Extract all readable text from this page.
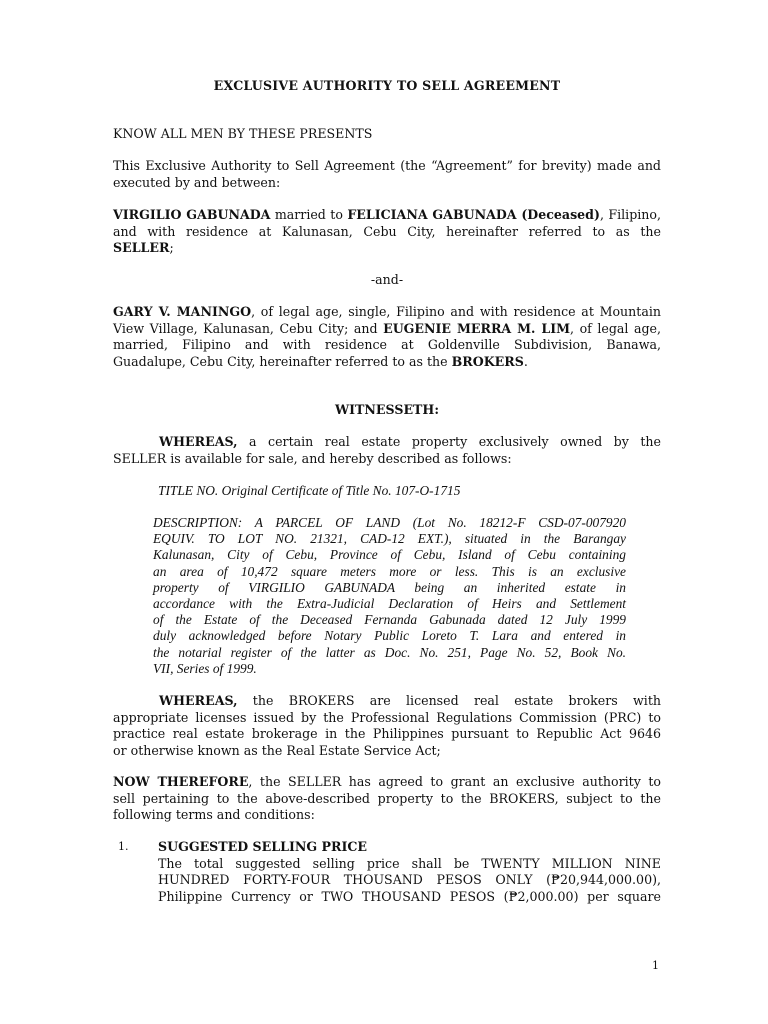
EXCLUSIVE AUTHORITY TO SELL AGREEMENT

KNOW ALL MEN BY THESE PRESENTS

This Exclusive Authority to Sell Agreement (the “Agreement” for brevity) made and executed by and between:

VIRGILIO GABUNADA married to FELICIANA GABUNADA (Deceased), Filipino,
and with residence at Kalunasan, Cebu City, hereinafter referred to as the
SELLER;

-and-

GARY V. MANINGO, of legal age, single, Filipino and with residence at Mountain
View Village, Kalunasan, Cebu City; and EUGENIE MERRA M. LIM, of legal age,
married, Filipino and with residence at Goldenville Subdivision, Banawa,
Guadalupe, Cebu City, hereinafter referred to as the BROKERS.

WITNESSETH:

WHEREAS, a certain real estate property exclusively owned by the
SELLER is available for sale, and hereby described as follows:

TITLE NO. Original Certificate of Title No. 107-O-1715

DESCRIPTION: A PARCEL OF LAND (Lot No. 18212-F CSD-07-007920
EQUIV. TO LOT NO. 21321, CAD-12 EXT.), situated in the Barangay
Kalunasan, City of Cebu, Province of Cebu, Island of Cebu containing
an area of 10,472 square meters more or less. This is an exclusive
property of VIRGILIO GABUNADA being an inherited estate in
accordance with the Extra-Judicial Declaration of Heirs and Settlement
of the Estate of the Deceased Fernanda Gabunada dated 12 July 1999
duly acknowledged before Notary Public Loreto T. Lara and entered in
the notarial register of the latter as Doc. No. 251, Page No. 52, Book No.
VII, Series of 1999.

WHEREAS, the BROKERS are licensed real estate brokers with
appropriate licenses issued by the Professional Regulations Commission (PRC) to
practice real estate brokerage in the Philippines pursuant to Republic Act 9646
or otherwise known as the Real Estate Service Act;

NOW THEREFORE, the SELLER has agreed to grant an exclusive authority to
sell pertaining to the above-described property to the BROKERS, subject to the
following terms and conditions:

1. SUGGESTED SELLING PRICE
The total suggested selling price shall be TWENTY MILLION NINE
HUNDRED FORTY-FOUR THOUSAND PESOS ONLY (₱20,944,000.00),
Philippine Currency or TWO THOUSAND PESOS (₱2,000.00) per square
1
